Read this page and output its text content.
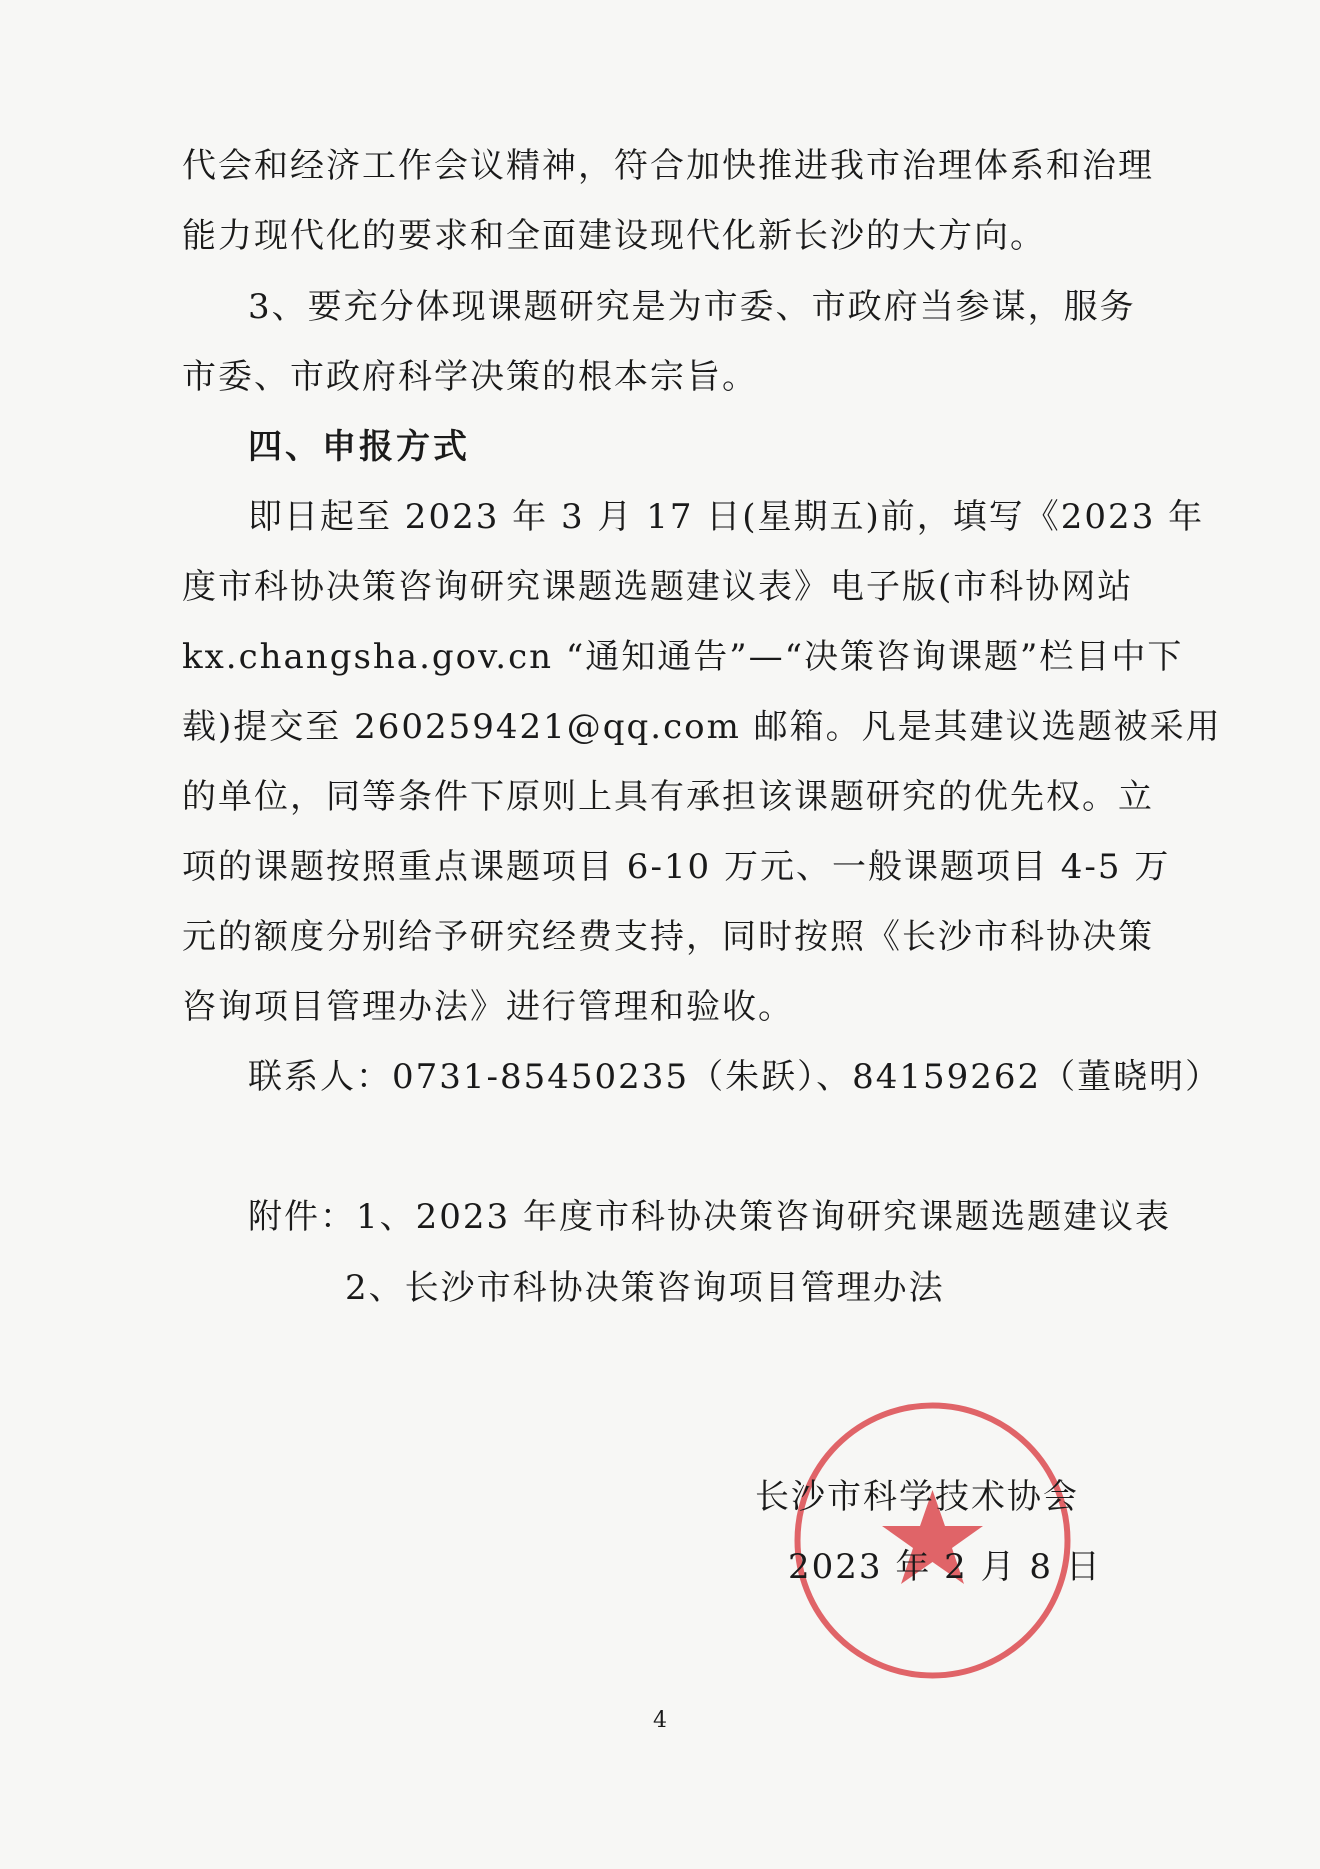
代会和经济工作会议精神，符合加快推进我市治理体系和治理
能力现代化的要求和全面建设现代化新长沙的大方向。
3、要充分体现课题研究是为市委、市政府当参谋，服务
市委、市政府科学决策的根本宗旨。
四、申报方式
即日起至 2023 年 3 月 17 日(星期五)前，填写《2023 年
度市科协决策咨询研究课题选题建议表》电子版(市科协网站
kx.changsha.gov.cn “通知通告”—“决策咨询课题”栏目中下
载)提交至 260259421@qq.com 邮箱。凡是其建议选题被采用
的单位，同等条件下原则上具有承担该课题研究的优先权。立
项的课题按照重点课题项目 6-10 万元、一般课题项目 4-5 万
元的额度分别给予研究经费支持，同时按照《长沙市科协决策
咨询项目管理办法》进行管理和验收。
联系人：0731-85450235（朱跃）、84159262（董晓明）
附件：1、2023 年度市科协决策咨询研究课题选题建议表
2、长沙市科协决策咨询项目管理办法
长沙市科学技术协会
2023 年 2 月 8 日
4
